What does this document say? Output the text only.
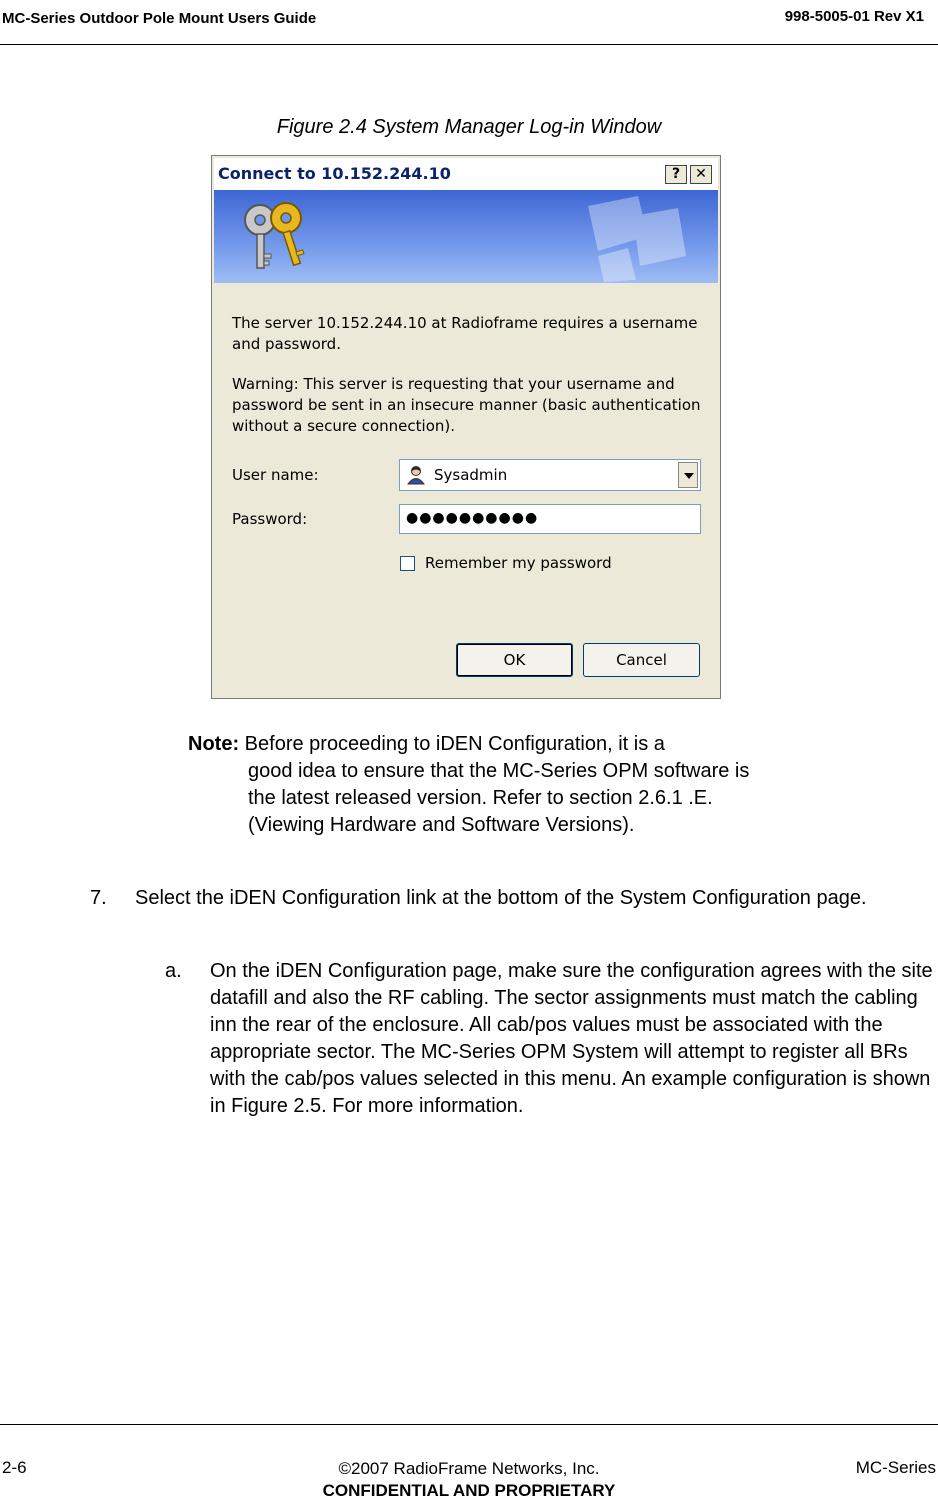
MC-Series Outdoor Pole Mount Users Guide	998-5005-01 Rev X1
Figure 2.4 System Manager Log-in Window
Connect to 10.152.244.10	?	✕
The server 10.152.244.10 at Radioframe requires a username and password.
Warning: This server is requesting that your username and password be sent in an insecure manner (basic authentication without a secure connection).
User name:	Sysadmin
Password:	●●●●●●●●●●
Remember my password
OK	Cancel
Note: Before proceeding to iDEN Configuration, it is a
good idea to ensure that the MC-Series OPM software is the latest released version. Refer to section 2.6.1 .E. (Viewing Hardware and Software Versions).
7. Select the iDEN Configuration link at the bottom of the System Configuration page.
a. On the iDEN Configuration page, make sure the configuration agrees with the site datafill and also the RF cabling. The sector assignments must match the cabling inn the rear of the enclosure. All cab/pos values must be associated with the appropriate sector. The MC-Series OPM System will attempt to register all BRs with the cab/pos values selected in this menu. An example configuration is shown in Figure 2.5. For more information.
2-6	©2007 RadioFrame Networks, Inc.
CONFIDENTIAL AND PROPRIETARY
MC-Series
